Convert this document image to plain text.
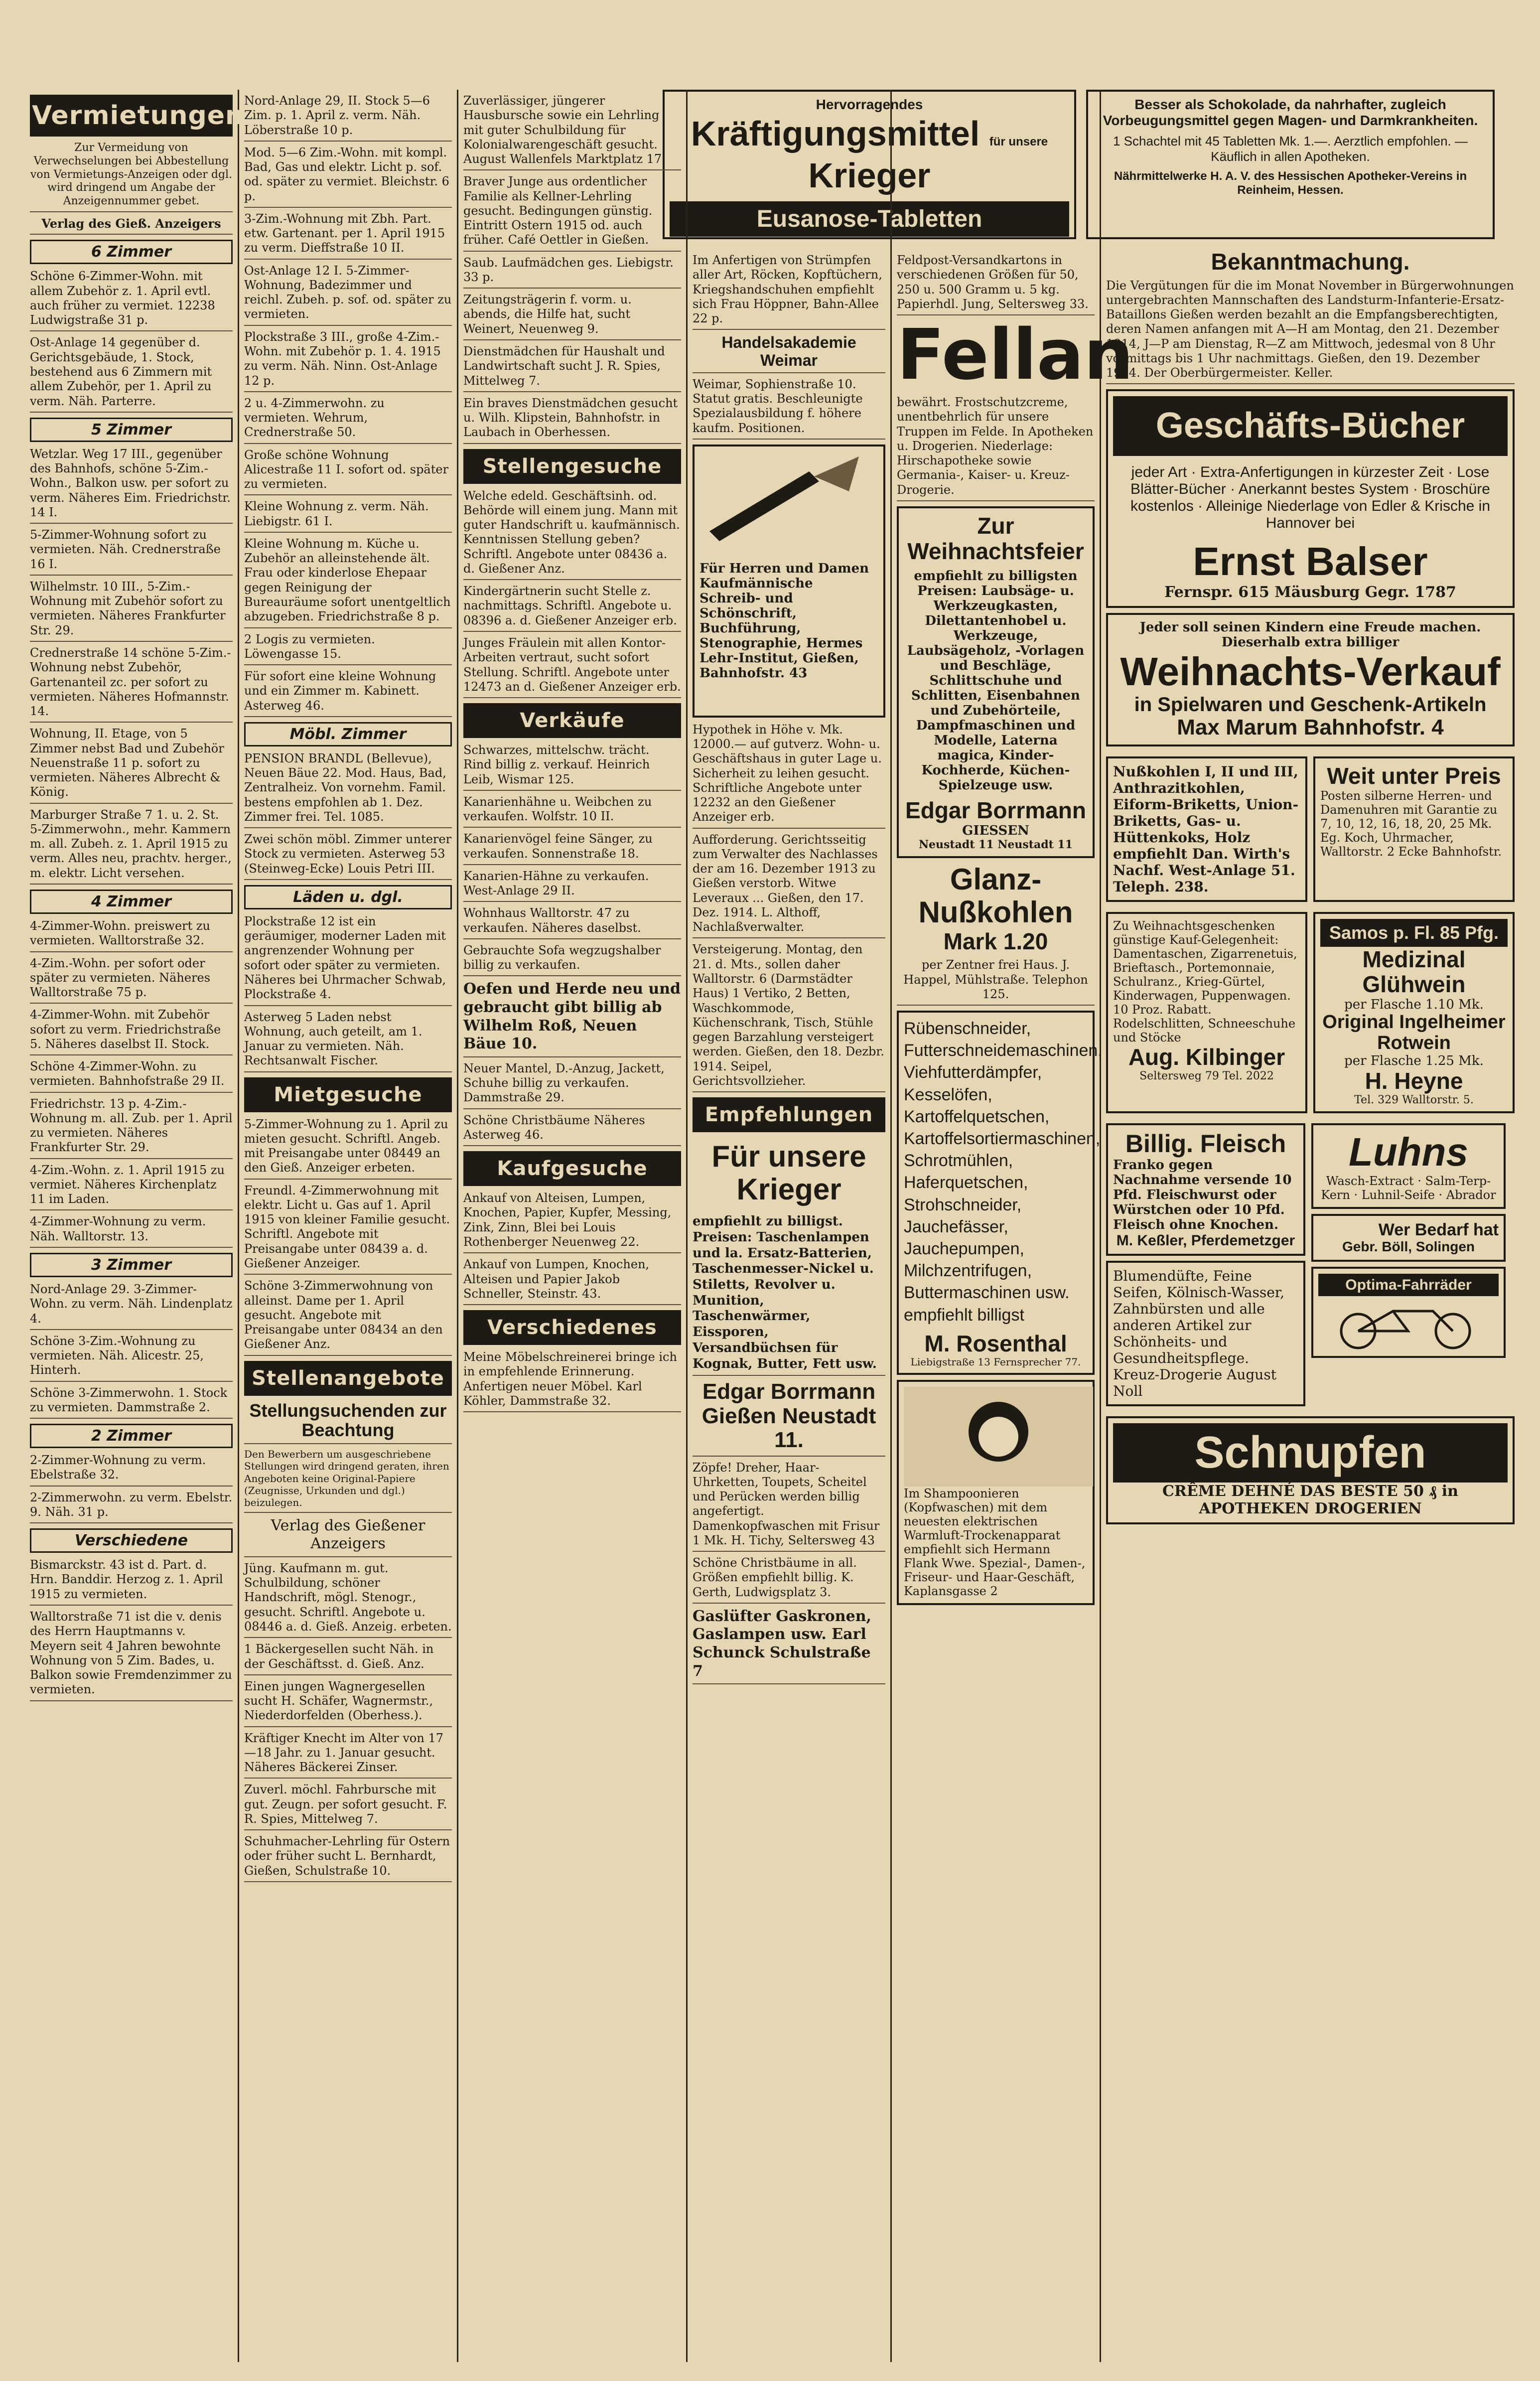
Hervorragendes
Kräftigungsmittel für unsere Krieger
Eusanose-Tabletten
Besser als Schokolade, da nahrhafter, zugleich Vorbeugungsmittel gegen Magen- und Darmkrankheiten.
1 Schachtel mit 45 Tabletten Mk. 1.—. Aerztlich empfohlen. — Käuflich in allen Apotheken.
Nährmittelwerke H. A. V. des Hessischen Apotheker-Vereins in Reinheim, Hessen.
Vermietungen
Zur Vermeidung von Verwechselungen bei Abbestellung von Vermietungs-Anzeigen oder dgl. wird dringend um Angabe der Anzeigennummer gebet.
Verlag des Gieß. Anzeigers
6 Zimmer
Schöne 6-Zimmer-Wohn. mit allem Zubehör z. 1. April evtl. auch früher zu vermiet. 12238 Ludwigstraße 31 p.
Ost-Anlage 14 gegenüber d. Gerichtsgebäude, 1. Stock, bestehend aus 6 Zimmern mit allem Zubehör, per 1. April zu verm. Näh. Parterre.
5 Zimmer
Wetzlar. Weg 17 III., gegenüber des Bahnhofs, schöne 5-Zim.-Wohn., Balkon usw. per sofort zu verm. Näheres Eim. Friedrichstr. 14 I.
5-Zimmer-Wohnung sofort zu vermieten. Näh. Crednerstraße 16 I.
Wilhelmstr. 10 III., 5-Zim.-Wohnung mit Zubehör sofort zu vermieten. Näheres Frankfurter Str. 29.
Crednerstraße 14 schöne 5-Zim.-Wohnung nebst Zubehör, Gartenanteil zc. per sofort zu vermieten. Näheres Hofmannstr. 14.
Wohnung, II. Etage, von 5 Zimmer nebst Bad und Zubehör Neuenstraße 11 p. sofort zu vermieten. Näheres Albrecht & König.
Marburger Straße 7 1. u. 2. St. 5-Zimmerwohn., mehr. Kammern m. all. Zubeh. z. 1. April 1915 zu verm. Alles neu, prachtv. herger., m. elektr. Licht versehen.
4 Zimmer
4-Zimmer-Wohn. preiswert zu vermieten. Walltorstraße 32.
4-Zim.-Wohn. per sofort oder später zu vermieten. Näheres Walltorstraße 75 p.
4-Zimmer-Wohn. mit Zubehör sofort zu verm. Friedrichstraße 5. Näheres daselbst II. Stock.
Schöne 4-Zimmer-Wohn. zu vermieten. Bahnhofstraße 29 II.
Friedrichstr. 13 p. 4-Zim.-Wohnung m. all. Zub. per 1. April zu vermieten. Näheres Frankfurter Str. 29.
4-Zim.-Wohn. z. 1. April 1915 zu vermiet. Näheres Kirchenplatz 11 im Laden.
4-Zimmer-Wohnung zu verm. Näh. Walltorstr. 13.
3 Zimmer
Nord-Anlage 29. 3-Zimmer-Wohn. zu verm. Näh. Lindenplatz 4.
Schöne 3-Zim.-Wohnung zu vermieten. Näh. Alicestr. 25, Hinterh.
Schöne 3-Zimmerwohn. 1. Stock zu vermieten. Dammstraße 2.
2 Zimmer
2-Zimmer-Wohnung zu verm. Ebelstraße 32.
2-Zimmerwohn. zu verm. Ebelstr. 9. Näh. 31 p.
Verschiedene
Bismarckstr. 43 ist d. Part. d. Hrn. Banddir. Herzog z. 1. April 1915 zu vermieten.
Walltorstraße 71 ist die v. denis des Herrn Hauptmanns v. Meyern seit 4 Jahren bewohnte Wohnung von 5 Zim. Bades, u. Balkon sowie Fremdenzimmer zu vermieten.
Nord-Anlage 29, II. Stock 5—6 Zim. p. 1. April z. verm. Näh. Löberstraße 10 p.
Mod. 5—6 Zim.-Wohn. mit kompl. Bad, Gas und elektr. Licht p. sof. od. später zu vermiet. Bleichstr. 6 p.
3-Zim.-Wohnung mit Zbh. Part. etw. Gartenant. per 1. April 1915 zu verm. Dieffstraße 10 II.
Ost-Anlage 12 I. 5-Zimmer-Wohnung, Badezimmer und reichl. Zubeh. p. sof. od. später zu vermieten.
Plockstraße 3 III., große 4-Zim.-Wohn. mit Zubehör p. 1. 4. 1915 zu verm. Näh. Ninn. Ost-Anlage 12 p.
2 u. 4-Zimmerwohn. zu vermieten. Wehrum, Crednerstraße 50.
Große schöne Wohnung Alicestraße 11 I. sofort od. später zu vermieten.
Kleine Wohnung z. verm. Näh. Liebigstr. 61 I.
Kleine Wohnung m. Küche u. Zubehör an alleinstehende ält. Frau oder kinderlose Ehepaar gegen Reinigung der Bureauräume sofort unentgeltlich abzugeben. Friedrichstraße 8 p.
2 Logis zu vermieten. Löwengasse 15.
Für sofort eine kleine Wohnung und ein Zimmer m. Kabinett. Asterweg 46.
Möbl. Zimmer
PENSION BRANDL (Bellevue), Neuen Bäue 22. Mod. Haus, Bad, Zentralheiz. Von vornehm. Famil. bestens empfohlen ab 1. Dez. Zimmer frei. Tel. 1085.
Zwei schön möbl. Zimmer unterer Stock zu vermieten. Asterweg 53 (Steinweg-Ecke) Louis Petri III.
Läden u. dgl.
Plockstraße 12 ist ein geräumiger, moderner Laden mit angrenzender Wohnung per sofort oder später zu vermieten. Näheres bei Uhrmacher Schwab, Plockstraße 4.
Asterweg 5 Laden nebst Wohnung, auch geteilt, am 1. Januar zu vermieten. Näh. Rechtsanwalt Fischer.
Mietgesuche
5-Zimmer-Wohnung zu 1. April zu mieten gesucht. Schriftl. Angeb. mit Preisangabe unter 08449 an den Gieß. Anzeiger erbeten.
Freundl. 4-Zimmerwohnung mit elektr. Licht u. Gas auf 1. April 1915 von kleiner Familie gesucht. Schriftl. Angebote mit Preisangabe unter 08439 a. d. Gießener Anzeiger.
Schöne 3-Zimmerwohnung von alleinst. Dame per 1. April gesucht. Angebote mit Preisangabe unter 08434 an den Gießener Anz.
Stellenangebote
Stellungsuchenden zur Beachtung
Den Bewerbern um ausgeschriebene Stellungen wird dringend geraten, ihren Angeboten keine Original-Papiere (Zeugnisse, Urkunden und dgl.) beizulegen.
Verlag des Gießener Anzeigers
Jüng. Kaufmann m. gut. Schulbildung, schöner Handschrift, mögl. Stenogr., gesucht. Schriftl. Angebote u. 08446 a. d. Gieß. Anzeig. erbeten.
1 Bäckergesellen sucht Näh. in der Geschäftsst. d. Gieß. Anz.
Einen jungen Wagnergesellen sucht H. Schäfer, Wagnermstr., Niederdorfelden (Oberhess.).
Kräftiger Knecht im Alter von 17—18 Jahr. zu 1. Januar gesucht. Näheres Bäckerei Zinser.
Zuverl. möchl. Fahrbursche mit gut. Zeugn. per sofort gesucht. F. R. Spies, Mittelweg 7.
Schuhmacher-Lehrling für Ostern oder früher sucht L. Bernhardt, Gießen, Schulstraße 10.
Zuverlässiger, jüngerer Hausbursche sowie ein Lehrling mit guter Schulbildung für Kolonialwarengeschäft gesucht. August Wallenfels Marktplatz 17.
Braver Junge aus ordentlicher Familie als Kellner-Lehrling gesucht. Bedingungen günstig. Eintritt Ostern 1915 od. auch früher. Café Oettler in Gießen.
Saub. Laufmädchen ges. Liebigstr. 33 p.
Zeitungsträgerin f. vorm. u. abends, die Hilfe hat, sucht Weinert, Neuenweg 9.
Dienstmädchen für Haushalt und Landwirtschaft sucht J. R. Spies, Mittelweg 7.
Ein braves Dienstmädchen gesucht u. Wilh. Klipstein, Bahnhofstr. in Laubach in Oberhessen.
Stellengesuche
Welche edeld. Geschäftsinh. od. Behörde will einem jung. Mann mit guter Handschrift u. kaufmännisch. Kenntnissen Stellung geben? Schriftl. Angebote unter 08436 a. d. Gießener Anz.
Kindergärtnerin sucht Stelle z. nachmittags. Schriftl. Angebote u. 08396 a. d. Gießener Anzeiger erb.
Junges Fräulein mit allen Kontor-Arbeiten vertraut, sucht sofort Stellung. Schriftl. Angebote unter 12473 an d. Gießener Anzeiger erb.
Verkäufe
Schwarzes, mittelschw. trächt. Rind billig z. verkauf. Heinrich Leib, Wismar 125.
Kanarienhähne u. Weibchen zu verkaufen. Wolfstr. 10 II.
Kanarienvögel feine Sänger, zu verkaufen. Sonnenstraße 18.
Kanarien-Hähne zu verkaufen. West-Anlage 29 II.
Wohnhaus Walltorstr. 47 zu verkaufen. Näheres daselbst.
Gebrauchte Sofa wegzugshalber billig zu verkaufen.
Oefen und Herde neu und gebraucht gibt billig ab Wilhelm Roß, Neuen Bäue 10.
Neuer Mantel, D.-Anzug, Jackett, Schuhe billig zu verkaufen. Dammstraße 29.
Schöne Christbäume Näheres Asterweg 46.
Kaufgesuche
Ankauf von Alteisen, Lumpen, Knochen, Papier, Kupfer, Messing, Zink, Zinn, Blei bei Louis Rothenberger Neuenweg 22.
Ankauf von Lumpen, Knochen, Alteisen und Papier Jakob Schneller, Steinstr. 43.
Verschiedenes
Meine Möbelschreinerei bringe ich in empfehlende Erinnerung. Anfertigen neuer Möbel. Karl Köhler, Dammstraße 32.
Im Anfertigen von Strümpfen aller Art, Röcken, Kopftüchern, Kriegshandschuhen empfiehlt sich Frau Höppner, Bahn-Allee 22 p.
Handelsakademie Weimar
Weimar, Sophienstraße 10. Statut gratis. Beschleunigte Spezialausbildung f. höhere kaufm. Positionen.
Für Herren und Damen Kaufmännische Schreib- und Schönschrift, Buchführung, Stenographie, Hermes Lehr-Institut, Gießen, Bahnhofstr. 43
Hypothek in Höhe v. Mk. 12000.— auf gutverz. Wohn- u. Geschäftshaus in guter Lage u. Sicherheit zu leihen gesucht. Schriftliche Angebote unter 12232 an den Gießener Anzeiger erb.
Aufforderung. Gerichtsseitig zum Verwalter des Nachlasses der am 16. Dezember 1913 zu Gießen verstorb. Witwe Leveraux ... Gießen, den 17. Dez. 1914. L. Althoff, Nachlaßverwalter.
Versteigerung. Montag, den 21. d. Mts., sollen daher Walltorstr. 6 (Darmstädter Haus) 1 Vertiko, 2 Betten, Waschkommode, Küchenschrank, Tisch, Stühle gegen Barzahlung versteigert werden. Gießen, den 18. Dezbr. 1914. Seipel, Gerichtsvollzieher.
Empfehlungen
Für unsere Krieger
empfiehlt zu billigst. Preisen: Taschenlampen und la. Ersatz-Batterien, Taschenmesser-Nickel u. Stiletts, Revolver u. Munition, Taschenwärmer, Eissporen, Versandbüchsen für Kognak, Butter, Fett usw.
Edgar Borrmann Gießen Neustadt 11.
Zöpfe! Dreher, Haar-Uhrketten, Toupets, Scheitel und Perücken werden billig angefertigt. Damenkopfwaschen mit Frisur 1 Mk. H. Tichy, Seltersweg 43
Schöne Christbäume in all. Größen empfiehlt billig. K. Gerth, Ludwigsplatz 3.
Gaslüfter Gaskronen, Gaslampen usw. Earl Schunck Schulstraße 7
Feldpost-Versandkartons in verschiedenen Größen für 50, 250 u. 500 Gramm u. 5 kg. Papierhdl. Jung, Seltersweg 33.
Fellan
bewährt. Frostschutzcreme, unentbehrlich für unsere Truppen im Felde. In Apotheken u. Drogerien. Niederlage: Hirschapotheke sowie Germania-, Kaiser- u. Kreuz-Drogerie.
Zur Weihnachtsfeier
empfiehlt zu billigsten Preisen: Laubsäge- u. Werkzeugkasten, Dilettantenhobel u. Werkzeuge, Laubsägeholz, -Vorlagen und Beschläge, Schlittschuhe und Schlitten, Eisenbahnen und Zubehörteile, Dampfmaschinen und Modelle, Laterna magica, Kinder-Kochherde, Küchen-Spielzeuge usw.
Edgar Borrmann
GIESSEN
Neustadt 11 Neustadt 11
Glanz-Nußkohlen
Mark 1.20
per Zentner frei Haus. J. Happel, Mühlstraße. Telephon 125.
Rübenschneider, Futterschneidemaschinen, Viehfutterdämpfer, Kesselöfen, Kartoffelquetschen, Kartoffelsortiermaschinen, Schrotmühlen, Haferquetschen, Strohschneider, Jauchefässer, Jauchepumpen, Milchzentrifugen, Buttermaschinen usw. empfiehlt billigst
M. Rosenthal
Liebigstraße 13 Fernsprecher 77.
Im Shampoonieren (Kopfwaschen) mit dem neuesten elektrischen Warmluft-Trockenapparat empfiehlt sich Hermann Flank Wwe. Spezial-, Damen-, Friseur- und Haar-Geschäft, Kaplansgasse 2
Bekanntmachung.
Die Vergütungen für die im Monat November in Bürgerwohnungen untergebrachten Mannschaften des Landsturm-Infanterie-Ersatz-Bataillons Gießen werden bezahlt an die Empfangsberechtigten, deren Namen anfangen mit A—H am Montag, den 21. Dezember 1914, J—P am Dienstag, R—Z am Mittwoch, jedesmal von 8 Uhr vormittags bis 1 Uhr nachmittags. Gießen, den 19. Dezember 1914. Der Oberbürgermeister. Keller.
Geschäfts-Bücher
jeder Art · Extra-Anfertigungen in kürzester Zeit · Lose Blätter-Bücher · Anerkannt bestes System · Broschüre kostenlos · Alleinige Niederlage von Edler & Krische in Hannover bei
Ernst Balser
Fernspr. 615 Mäusburg Gegr. 1787
Jeder soll seinen Kindern eine Freude machen. Dieserhalb extra billiger
Weihnachts-Verkauf
in Spielwaren und Geschenk-Artikeln
Max Marum Bahnhofstr. 4
Nußkohlen I, II und III, Anthrazitkohlen, Eiform-Briketts, Union-Briketts, Gas- u. Hüttenkoks, Holz empfiehlt Dan. Wirth's Nachf. West-Anlage 51. Teleph. 238.
Weit unter Preis
Posten silberne Herren- und Damenuhren mit Garantie zu 7, 10, 12, 16, 18, 20, 25 Mk. Eg. Koch, Uhrmacher, Walltorstr. 2 Ecke Bahnhofstr.
Zu Weihnachtsgeschenken günstige Kauf-Gelegenheit: Damentaschen, Zigarrenetuis, Brieftasch., Portemonnaie, Schulranz., Krieg-Gürtel, Kinderwagen, Puppenwagen. 10 Proz. Rabatt. Rodelschlitten, Schneeschuhe und Stöcke
Aug. Kilbinger
Seltersweg 79 Tel. 2022
Samos p. Fl. 85 Pfg.
Medizinal Glühwein
per Flasche 1.10 Mk.
Original Ingelheimer Rotwein
per Flasche 1.25 Mk.
H. Heyne
Tel. 329 Walltorstr. 5.
Billig. Fleisch
Franko gegen Nachnahme versende 10 Pfd. Fleischwurst oder Würstchen oder 10 Pfd. Fleisch ohne Knochen.
M. Keßler, Pferdemetzger
Blumendüfte, Feine Seifen, Kölnisch-Wasser, Zahnbürsten und alle anderen Artikel zur Schönheits- und Gesundheitspflege. Kreuz-Drogerie August Noll
Luhns
Wasch-Extract · Salm-Terp-Kern · Luhnil-Seife · Abrador
Wer Bedarf hat
Gebr. Böll, Solingen
Optima-Fahrräder
Schnupfen
CRÊME DEHNÉ DAS BESTE 50 ₰ in APOTHEKEN DROGERIEN
